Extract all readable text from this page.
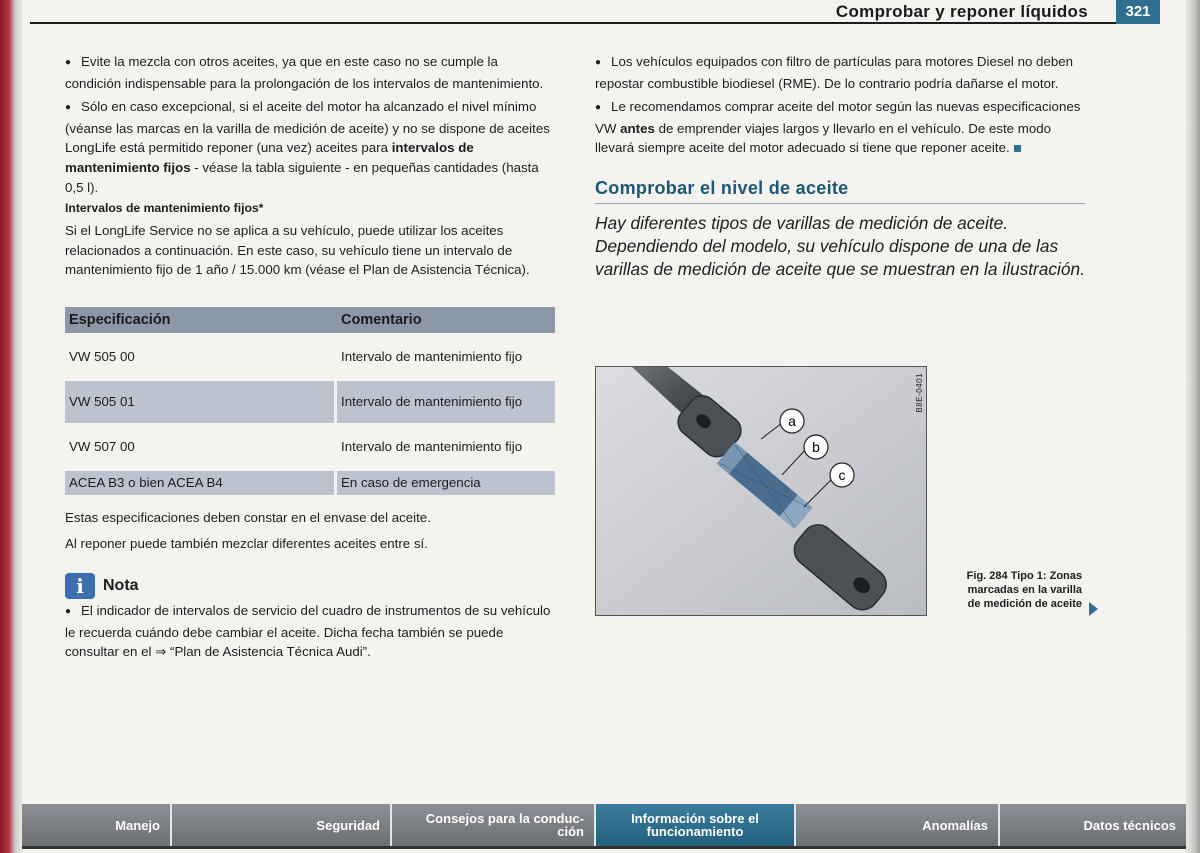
Comprobar y reponer líquidos	321

● Evite la mezcla con otros aceites, ya que en este caso no se cumple la condición indispensable para la prolongación de los intervalos de mantenimiento.

● Sólo en caso excepcional, si el aceite del motor ha alcanzado el nivel mínimo (véanse las marcas en la varilla de medición de aceite) y no se dispone de aceites LongLife está permitido reponer (una vez) aceites para intervalos de mantenimiento fijos - véase la tabla siguiente - en pequeñas cantidades (hasta 0,5 l).

Intervalos de mantenimiento fijos*

Si el LongLife Service no se aplica a su vehículo, puede utilizar los aceites relacionados a continuación. En este caso, su vehículo tiene un intervalo de mantenimiento fijo de 1 año / 15.000 km (véase el Plan de Asistencia Técnica).

Especificación	Comentario
VW 505 00	Intervalo de mantenimiento fijo
VW 505 01	Intervalo de mantenimiento fijo
VW 507 00	Intervalo de mantenimiento fijo
ACEA B3 o bien ACEA B4	En caso de emergencia

Estas especificaciones deben constar en el envase del aceite.

Al reponer puede también mezclar diferentes aceites entre sí.

i	Nota

● El indicador de intervalos de servicio del cuadro de instrumentos de su vehículo le recuerda cuándo debe cambiar el aceite. Dicha fecha también se puede consultar en el ⇒ “Plan de Asistencia Técnica Audi”.

● Los vehículos equipados con filtro de partículas para motores Diesel no deben repostar combustible biodiesel (RME). De lo contrario podría dañarse el motor.

● Le recomendamos comprar aceite del motor según las nuevas especificaciones VW antes de emprender viajes largos y llevarlo en el vehículo. De este modo llevará siempre aceite del motor adecuado si tiene que reponer aceite.

Comprobar el nivel de aceite

Hay diferentes tipos de varillas de medición de aceite. Dependiendo del modelo, su vehículo dispone de una de las varillas de medición de aceite que se muestran en la ilustración.

a
b
c
B8E-0401
Fig. 284 Tipo 1: Zonas
marcadas en la varilla
de medición de aceite
Manejo	Seguridad	Consejos para la conduc-
ción
Información sobre el
funcionamiento	Anomalías	Datos técnicos
